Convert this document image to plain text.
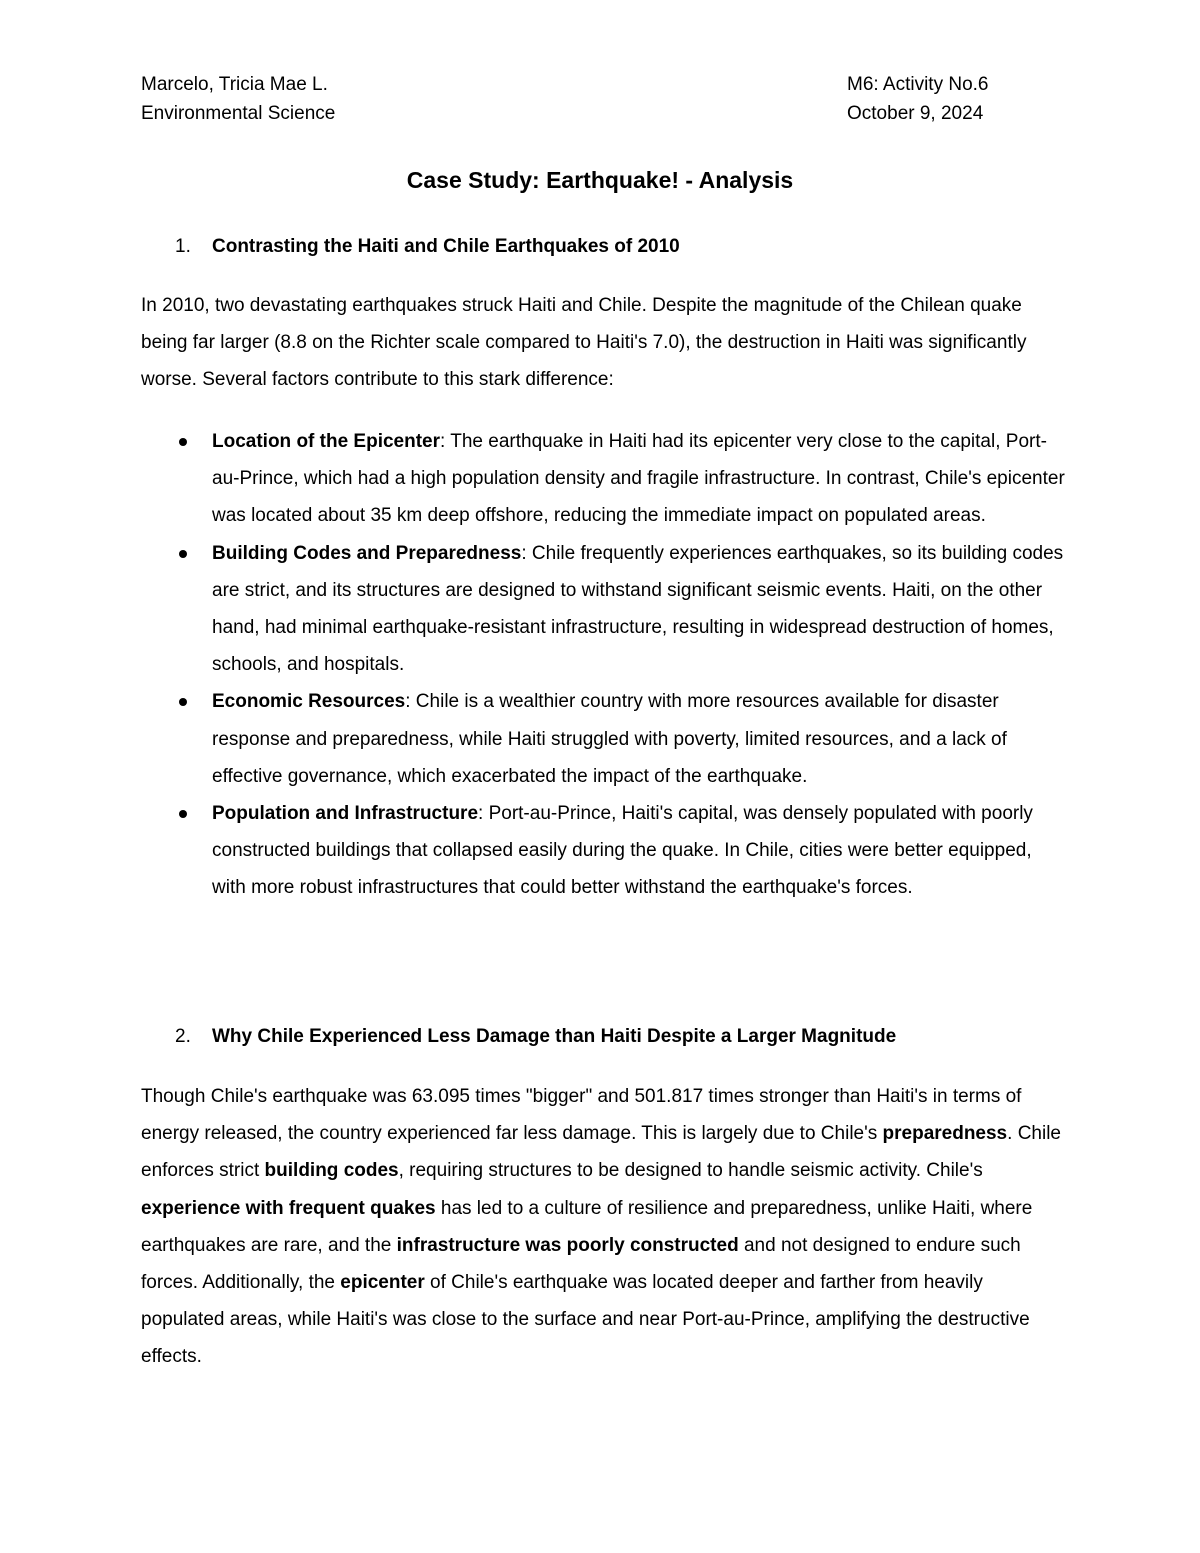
Marcelo, Tricia Mae L.
Environmental Science
M6: Activity No.6
October 9, 2024
Case Study: Earthquake! - Analysis
1. Contrasting the Haiti and Chile Earthquakes of 2010
In 2010, two devastating earthquakes struck Haiti and Chile. Despite the magnitude of the Chilean quake being far larger (8.8 on the Richter scale compared to Haiti's 7.0), the destruction in Haiti was significantly worse. Several factors contribute to this stark difference:
Location of the Epicenter: The earthquake in Haiti had its epicenter very close to the capital, Port-au-Prince, which had a high population density and fragile infrastructure. In contrast, Chile's epicenter was located about 35 km deep offshore, reducing the immediate impact on populated areas.
Building Codes and Preparedness: Chile frequently experiences earthquakes, so its building codes are strict, and its structures are designed to withstand significant seismic events. Haiti, on the other hand, had minimal earthquake-resistant infrastructure, resulting in widespread destruction of homes, schools, and hospitals.
Economic Resources: Chile is a wealthier country with more resources available for disaster response and preparedness, while Haiti struggled with poverty, limited resources, and a lack of effective governance, which exacerbated the impact of the earthquake.
Population and Infrastructure: Port-au-Prince, Haiti's capital, was densely populated with poorly constructed buildings that collapsed easily during the quake. In Chile, cities were better equipped, with more robust infrastructures that could better withstand the earthquake's forces.
2. Why Chile Experienced Less Damage than Haiti Despite a Larger Magnitude
Though Chile's earthquake was 63.095 times "bigger" and 501.817 times stronger than Haiti's in terms of energy released, the country experienced far less damage. This is largely due to Chile's preparedness. Chile enforces strict building codes, requiring structures to be designed to handle seismic activity. Chile's experience with frequent quakes has led to a culture of resilience and preparedness, unlike Haiti, where earthquakes are rare, and the infrastructure was poorly constructed and not designed to endure such forces. Additionally, the epicenter of Chile's earthquake was located deeper and farther from heavily populated areas, while Haiti's was close to the surface and near Port-au-Prince, amplifying the destructive effects.
